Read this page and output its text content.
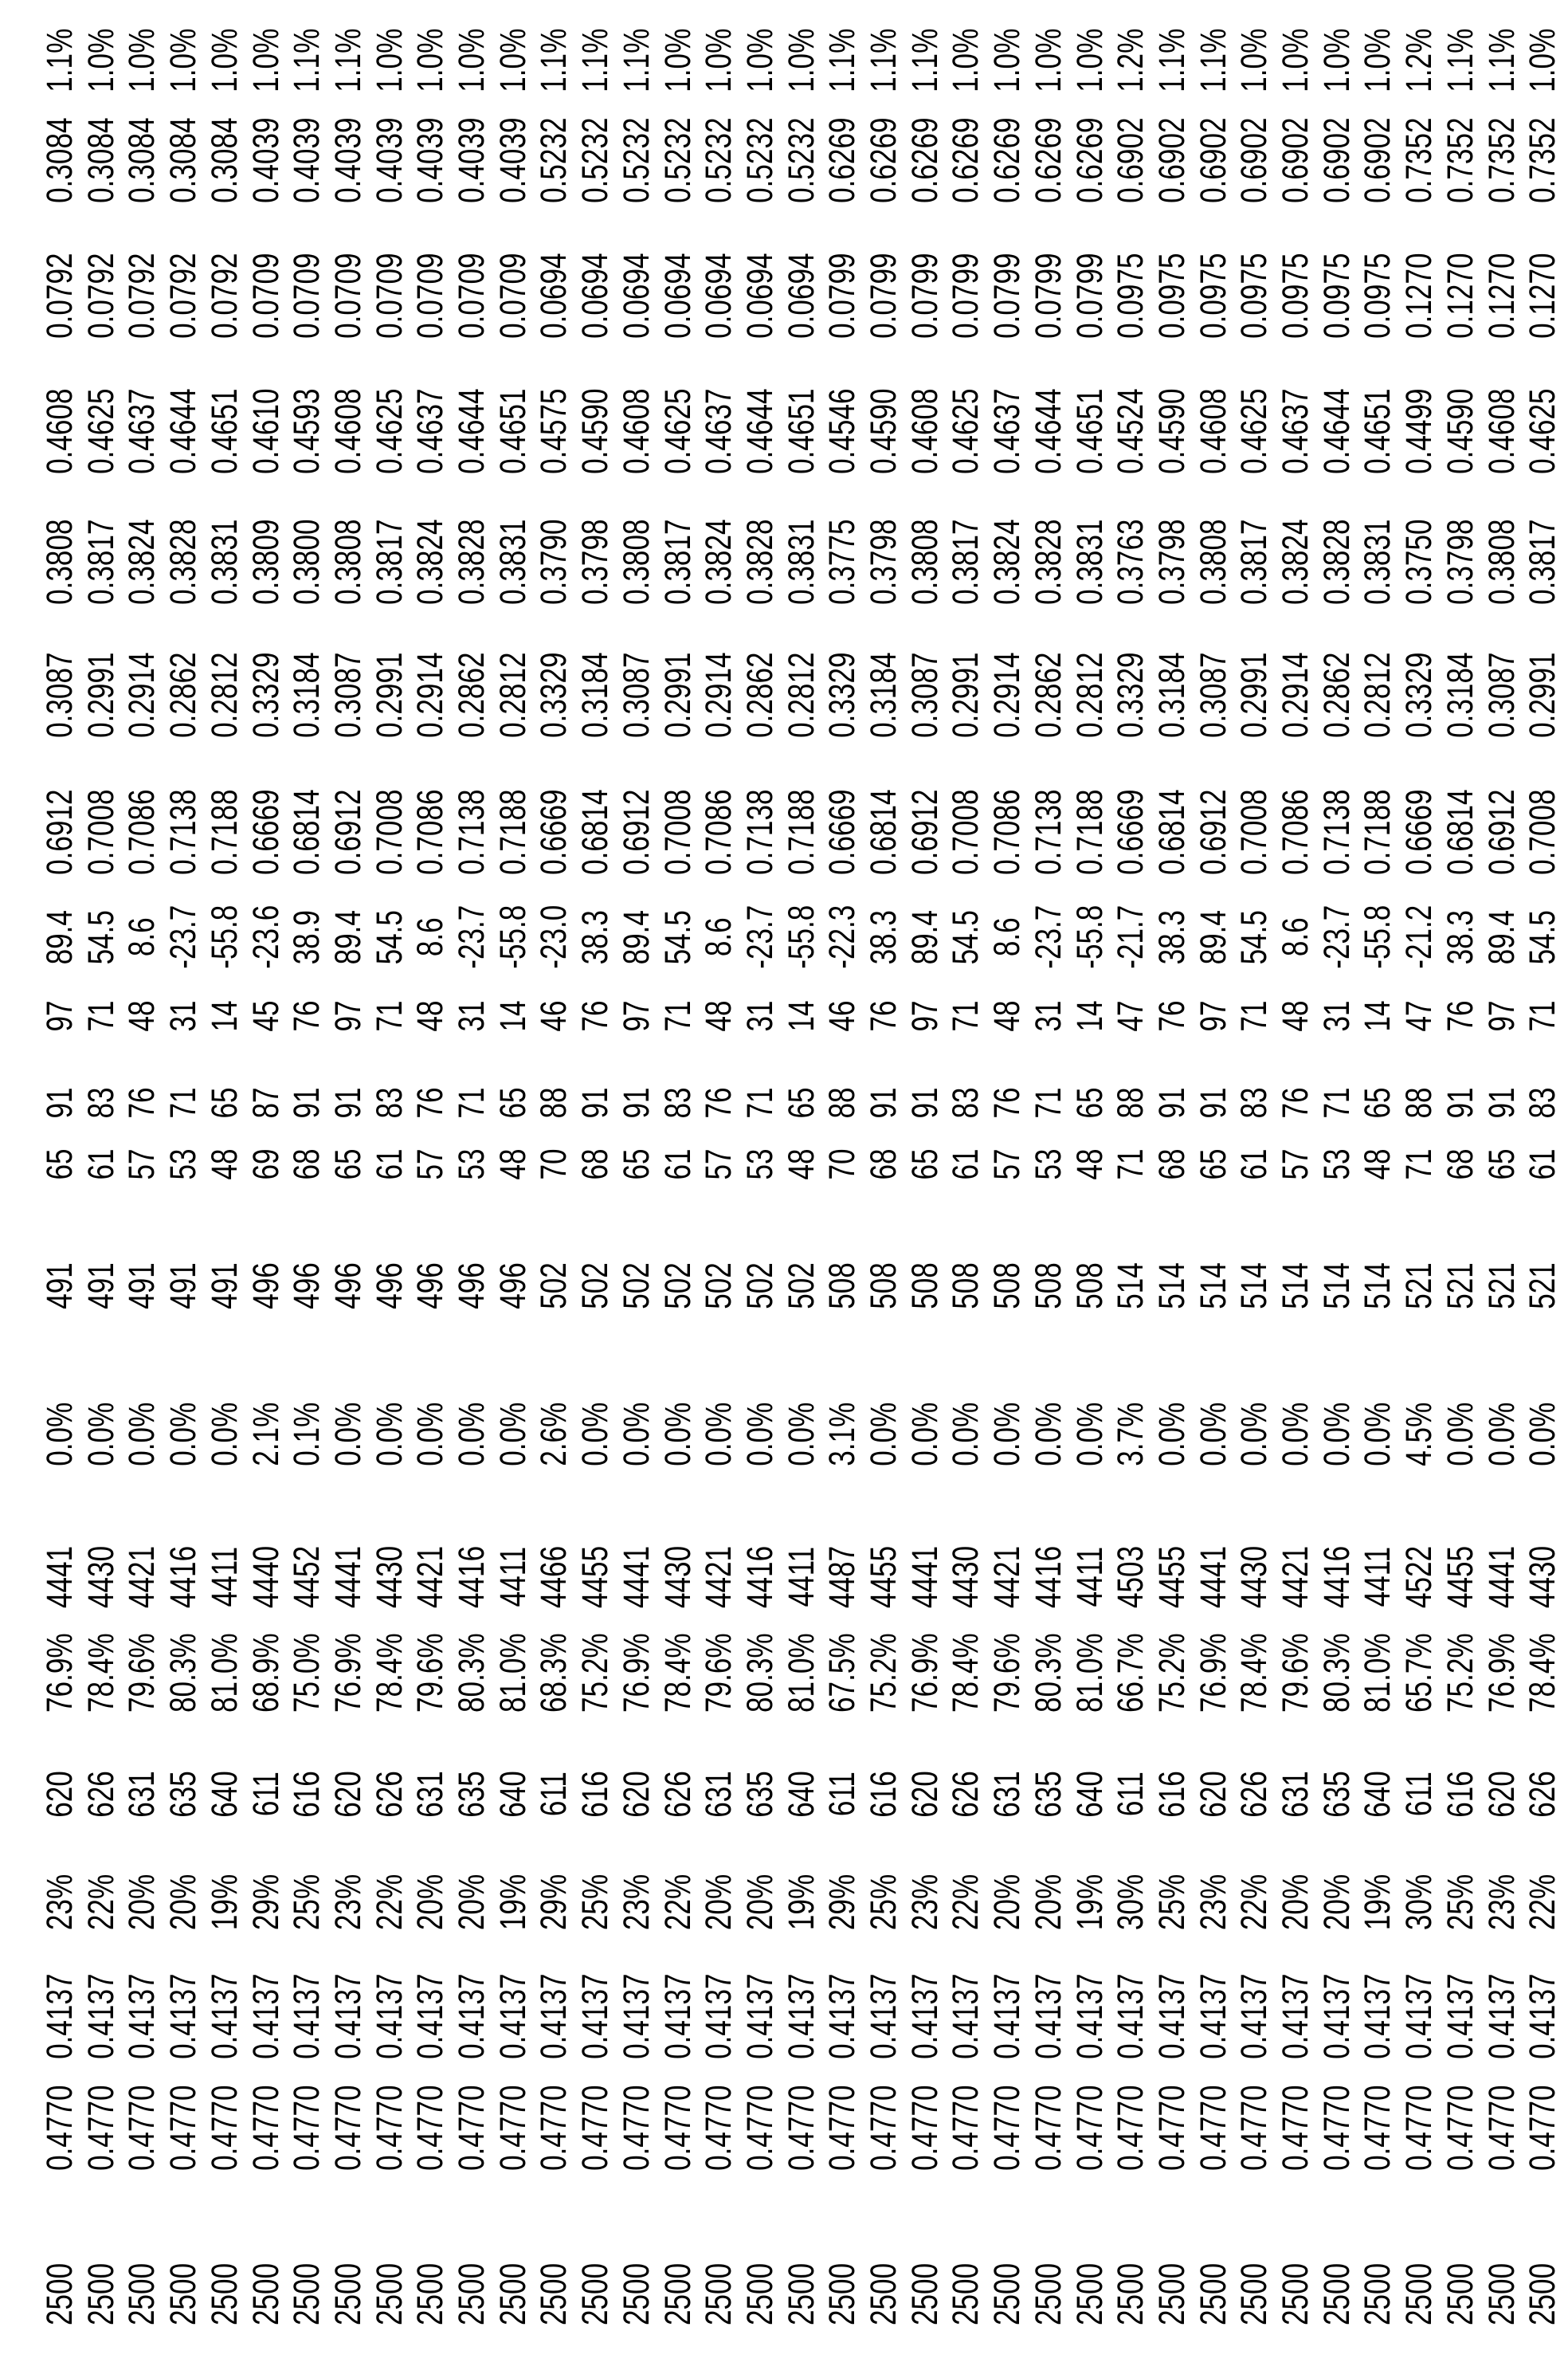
2500
0.4770
0.4137
23%
620
76.9%
4441
0.0%
491
65
91
97
89.4
0.6912
0.3087
0.3808
0.4608
0.0792
0.3084
1.1%
2500
0.4770
0.4137
22%
626
78.4%
4430
0.0%
491
61
83
71
54.5
0.7008
0.2991
0.3817
0.4625
0.0792
0.3084
1.0%
2500
0.4770
0.4137
20%
631
79.6%
4421
0.0%
491
57
76
48
8.6
0.7086
0.2914
0.3824
0.4637
0.0792
0.3084
1.0%
2500
0.4770
0.4137
20%
635
80.3%
4416
0.0%
491
53
71
31
-23.7
0.7138
0.2862
0.3828
0.4644
0.0792
0.3084
1.0%
2500
0.4770
0.4137
19%
640
81.0%
4411
0.0%
491
48
65
14
-55.8
0.7188
0.2812
0.3831
0.4651
0.0792
0.3084
1.0%
2500
0.4770
0.4137
29%
611
68.9%
4440
2.1%
496
69
87
45
-23.6
0.6669
0.3329
0.3809
0.4610
0.0709
0.4039
1.0%
2500
0.4770
0.4137
25%
616
75.0%
4452
0.1%
496
68
91
76
38.9
0.6814
0.3184
0.3800
0.4593
0.0709
0.4039
1.1%
2500
0.4770
0.4137
23%
620
76.9%
4441
0.0%
496
65
91
97
89.4
0.6912
0.3087
0.3808
0.4608
0.0709
0.4039
1.1%
2500
0.4770
0.4137
22%
626
78.4%
4430
0.0%
496
61
83
71
54.5
0.7008
0.2991
0.3817
0.4625
0.0709
0.4039
1.0%
2500
0.4770
0.4137
20%
631
79.6%
4421
0.0%
496
57
76
48
8.6
0.7086
0.2914
0.3824
0.4637
0.0709
0.4039
1.0%
2500
0.4770
0.4137
20%
635
80.3%
4416
0.0%
496
53
71
31
-23.7
0.7138
0.2862
0.3828
0.4644
0.0709
0.4039
1.0%
2500
0.4770
0.4137
19%
640
81.0%
4411
0.0%
496
48
65
14
-55.8
0.7188
0.2812
0.3831
0.4651
0.0709
0.4039
1.0%
2500
0.4770
0.4137
29%
611
68.3%
4466
2.6%
502
70
88
46
-23.0
0.6669
0.3329
0.3790
0.4575
0.0694
0.5232
1.1%
2500
0.4770
0.4137
25%
616
75.2%
4455
0.0%
502
68
91
76
38.3
0.6814
0.3184
0.3798
0.4590
0.0694
0.5232
1.1%
2500
0.4770
0.4137
23%
620
76.9%
4441
0.0%
502
65
91
97
89.4
0.6912
0.3087
0.3808
0.4608
0.0694
0.5232
1.1%
2500
0.4770
0.4137
22%
626
78.4%
4430
0.0%
502
61
83
71
54.5
0.7008
0.2991
0.3817
0.4625
0.0694
0.5232
1.0%
2500
0.4770
0.4137
20%
631
79.6%
4421
0.0%
502
57
76
48
8.6
0.7086
0.2914
0.3824
0.4637
0.0694
0.5232
1.0%
2500
0.4770
0.4137
20%
635
80.3%
4416
0.0%
502
53
71
31
-23.7
0.7138
0.2862
0.3828
0.4644
0.0694
0.5232
1.0%
2500
0.4770
0.4137
19%
640
81.0%
4411
0.0%
502
48
65
14
-55.8
0.7188
0.2812
0.3831
0.4651
0.0694
0.5232
1.0%
2500
0.4770
0.4137
29%
611
67.5%
4487
3.1%
508
70
88
46
-22.3
0.6669
0.3329
0.3775
0.4546
0.0799
0.6269
1.1%
2500
0.4770
0.4137
25%
616
75.2%
4455
0.0%
508
68
91
76
38.3
0.6814
0.3184
0.3798
0.4590
0.0799
0.6269
1.1%
2500
0.4770
0.4137
23%
620
76.9%
4441
0.0%
508
65
91
97
89.4
0.6912
0.3087
0.3808
0.4608
0.0799
0.6269
1.1%
2500
0.4770
0.4137
22%
626
78.4%
4430
0.0%
508
61
83
71
54.5
0.7008
0.2991
0.3817
0.4625
0.0799
0.6269
1.0%
2500
0.4770
0.4137
20%
631
79.6%
4421
0.0%
508
57
76
48
8.6
0.7086
0.2914
0.3824
0.4637
0.0799
0.6269
1.0%
2500
0.4770
0.4137
20%
635
80.3%
4416
0.0%
508
53
71
31
-23.7
0.7138
0.2862
0.3828
0.4644
0.0799
0.6269
1.0%
2500
0.4770
0.4137
19%
640
81.0%
4411
0.0%
508
48
65
14
-55.8
0.7188
0.2812
0.3831
0.4651
0.0799
0.6269
1.0%
2500
0.4770
0.4137
30%
611
66.7%
4503
3.7%
514
71
88
47
-21.7
0.6669
0.3329
0.3763
0.4524
0.0975
0.6902
1.2%
2500
0.4770
0.4137
25%
616
75.2%
4455
0.0%
514
68
91
76
38.3
0.6814
0.3184
0.3798
0.4590
0.0975
0.6902
1.1%
2500
0.4770
0.4137
23%
620
76.9%
4441
0.0%
514
65
91
97
89.4
0.6912
0.3087
0.3808
0.4608
0.0975
0.6902
1.1%
2500
0.4770
0.4137
22%
626
78.4%
4430
0.0%
514
61
83
71
54.5
0.7008
0.2991
0.3817
0.4625
0.0975
0.6902
1.0%
2500
0.4770
0.4137
20%
631
79.6%
4421
0.0%
514
57
76
48
8.6
0.7086
0.2914
0.3824
0.4637
0.0975
0.6902
1.0%
2500
0.4770
0.4137
20%
635
80.3%
4416
0.0%
514
53
71
31
-23.7
0.7138
0.2862
0.3828
0.4644
0.0975
0.6902
1.0%
2500
0.4770
0.4137
19%
640
81.0%
4411
0.0%
514
48
65
14
-55.8
0.7188
0.2812
0.3831
0.4651
0.0975
0.6902
1.0%
2500
0.4770
0.4137
30%
611
65.7%
4522
4.5%
521
71
88
47
-21.2
0.6669
0.3329
0.3750
0.4499
0.1270
0.7352
1.2%
2500
0.4770
0.4137
25%
616
75.2%
4455
0.0%
521
68
91
76
38.3
0.6814
0.3184
0.3798
0.4590
0.1270
0.7352
1.1%
2500
0.4770
0.4137
23%
620
76.9%
4441
0.0%
521
65
91
97
89.4
0.6912
0.3087
0.3808
0.4608
0.1270
0.7352
1.1%
2500
0.4770
0.4137
22%
626
78.4%
4430
0.0%
521
61
83
71
54.5
0.7008
0.2991
0.3817
0.4625
0.1270
0.7352
1.0%
